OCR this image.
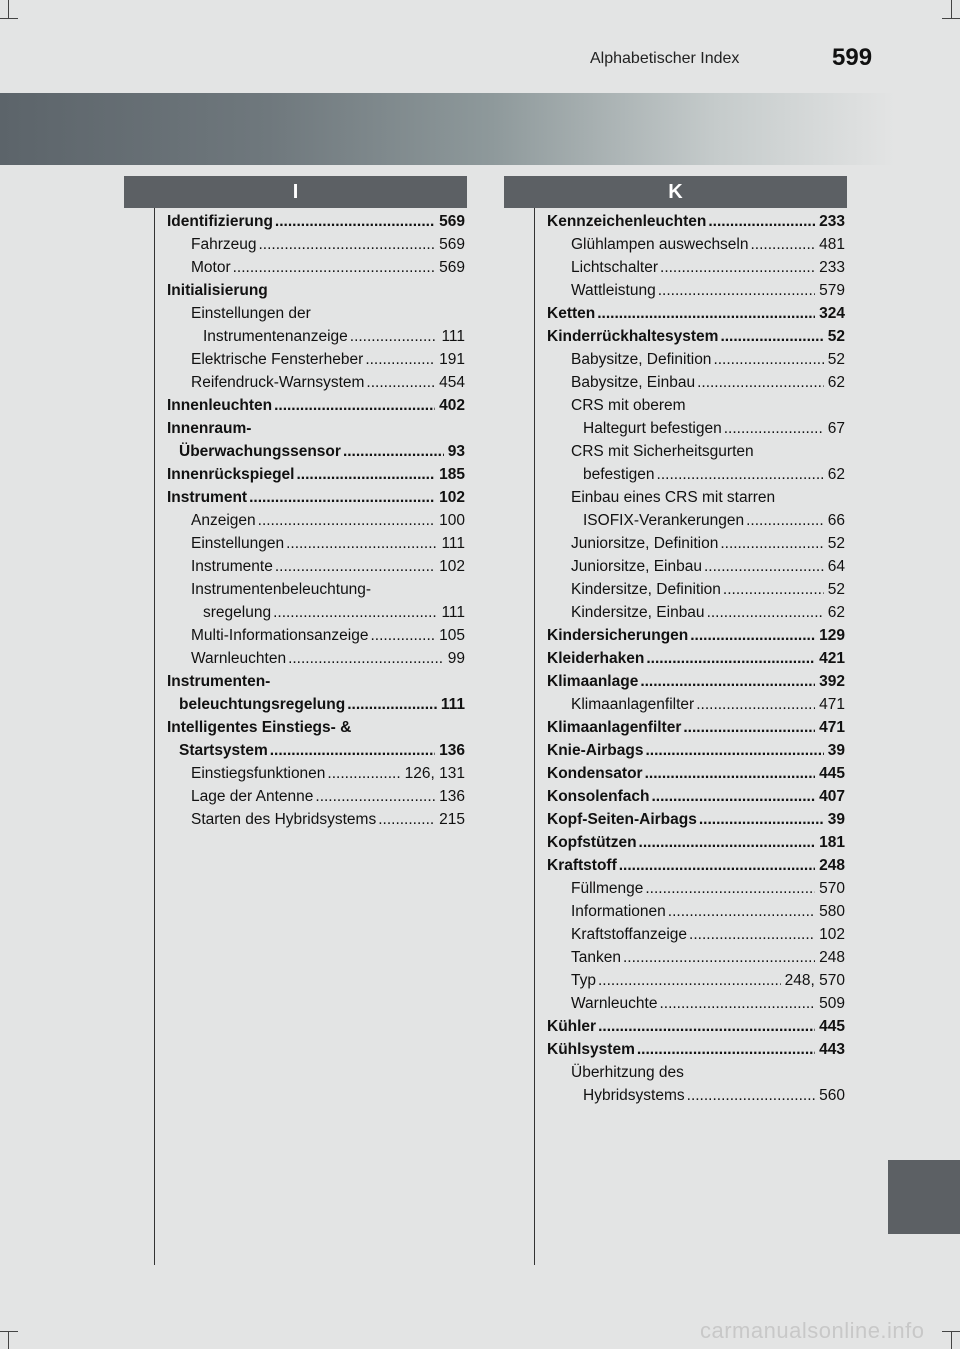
Alphabetischer Index	599
I	K
Identifizierung .....	569
Fahrzeug .....	569
Motor .....	569
Initialisierung
Einstellungen der
Instrumentenanzeige .....	111
Elektrische Fensterheber .....	191
Reifendruck-Warnsystem .....	454
Innenleuchten .....	402
Innenraum-
Überwachungssensor .....	93
Innenrückspiegel .....	185
Instrument .....	102
Anzeigen .....	100
Einstellungen .....	111
Instrumente .....	102
Instrumentenbeleuchtung-
sregelung .....	111
Multi-Informationsanzeige .....	105
Warnleuchten .....	99
Instrumenten-
beleuchtungsregelung .....	111
Intelligentes Einstiegs- &
Startsystem .....	136
Einstiegsfunktionen .....	126, 131
Lage der Antenne .....	136
Starten des Hybridsystems .....	215
Kennzeichenleuchten .....	233
Glühlampen auswechseln .....	481
Lichtschalter .....	233
Wattleistung .....	579
Ketten .....	324
Kinderrückhaltesystem .....	52
Babysitze, Definition .....	52
Babysitze, Einbau .....	62
CRS mit oberem
Haltegurt befestigen .....	67
CRS mit Sicherheitsgurten
befestigen .....	62
Einbau eines CRS mit starren
ISOFIX-Verankerungen .....	66
Juniorsitze, Definition .....	52
Juniorsitze, Einbau .....	64
Kindersitze, Definition .....	52
Kindersitze, Einbau .....	62
Kindersicherungen .....	129
Kleiderhaken .....	421
Klimaanlage .....	392
Klimaanlagenfilter .....	471
Klimaanlagenfilter .....	471
Knie-Airbags .....	39
Kondensator .....	445
Konsolenfach .....	407
Kopf-Seiten-Airbags .....	39
Kopfstützen .....	181
Kraftstoff .....	248
Füllmenge .....	570
Informationen .....	580
Kraftstoffanzeige .....	102
Tanken .....	248
Typ .....	248, 570
Warnleuchte .....	509
Kühler .....	445
Kühlsystem .....	443
Überhitzung des
Hybridsystems .....	560
carmanualsonline.info
